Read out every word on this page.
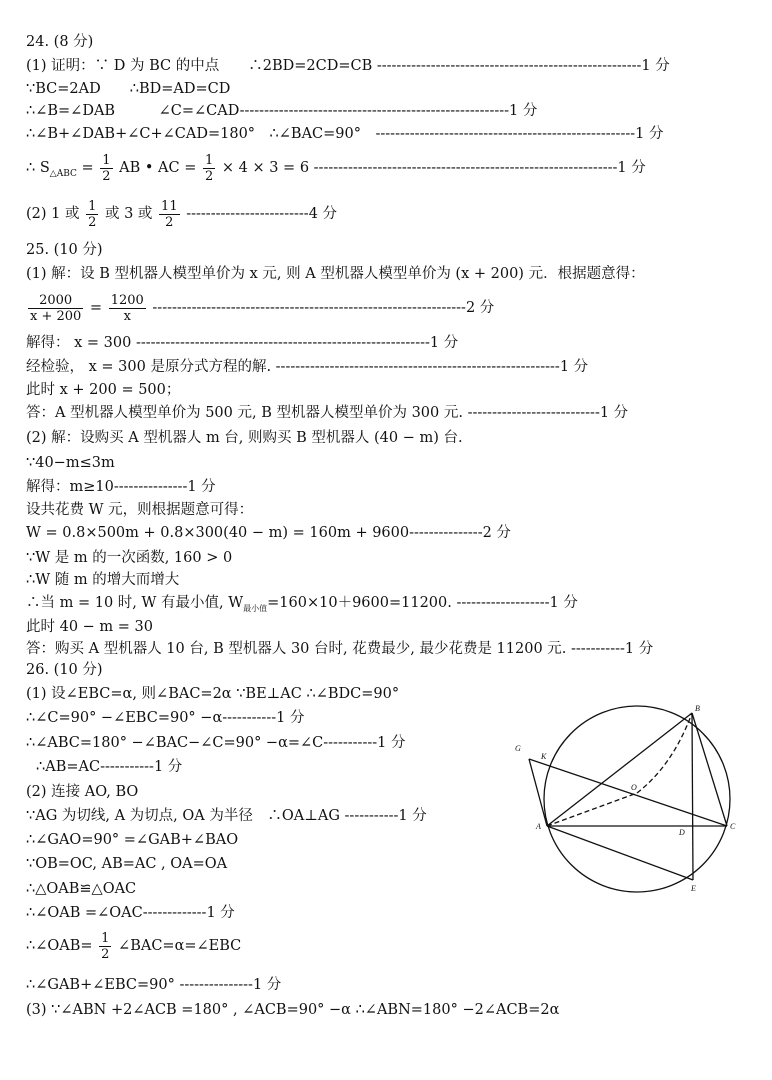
24. (8 分)
(1) 证明：∵ D 为 BC 的中点　　∴2BD=2CD=CB ------------------------------------------------------1 分
∵BC=2AD　　∴BD=AD=CD
∴∠B=∠DAB　　　∠C=∠CAD-------------------------------------------------------1 分
∴∠B+∠DAB+∠C+∠CAD=180°　∴∠BAC=90°　-----------------------------------------------------1 分
∴ $S_{\triangle ABC} = \frac{1}{2}$ AB • AC = $\frac{1}{2} \times 4 \times 3 = 6$ --------------------------------------------------------------1 分
(2) 1 或 $\frac{1}{2}$ 或 3 或 $\frac{11}{2} -------------------------4$ 分
25. (10 分)
(1) 解：设 B 型机器人模型单价为 x 元, 则 A 型机器人模型单价为 (x + 200) 元．根据题意得：
$\frac{2000}{x + 200} = \frac{1200}{x} ----------------------------------------------------------------2$ 分
解得： x = 300 ------------------------------------------------------------1 分
经检验， x = 300 是原分式方程的解. ----------------------------------------------------------1 分
此时 x + 200 = 500；
答：A 型机器人模型单价为 500 元, B 型机器人模型单价为 300 元. ---------------------------1 分
(2) 解：设购买 A 型机器人 m 台, 则购买 B 型机器人 (40 − m) 台.
∵40−m≤3m
解得：m≥10---------------1 分
设共花费 W 元，则根据题意可得：
W = 0.8×500m + 0.8×300(40 − m) = 160m + 9600---------------2 分
∵W 是 m 的一次函数, 160 > 0
∴W 随 m 的增大而增大
∴当 m = 10 时, W 有最小值, $W_{最小值}=160\times 10+9600=11200$. -------------------1 分
此时 40 − m = 30
答：购买 A 型机器人 10 台, B 型机器人 30 台时, 花费最少, 最少花费是 11200 元. -----------1 分
26. (10 分)
(1) 设∠EBC=α, 则∠BAC=2α ∵BE⊥AC ∴∠BDC=90°
∴∠C=90° −∠EBC=90° −α-----------1 分
∴∠ABC=180° −∠BAC−∠C=90° −α=∠C-----------1 分
∴AB=AC-----------1 分
(2) 连接 AO, BO
∵AG 为切线, A 为切点, OA 为半径　∴OA⊥AG -----------1 分
∴∠GAO=90° =∠GAB+∠BAO
∵OB=OC, AB=AC , OA=OA
∴△OAB≌△OAC
∴∠OAB =∠OAC-------------1 分
∴∠OAB= $\frac{1}{2}$ ∠BAC=α=∠EBC
∴∠GAB+∠EBC=90° ---------------1 分
(3) ∵∠ABN +2∠ACB =180° , ∠ACB=90° −α ∴∠ABN=180° −2∠ACB=2α
B
C
A
D
E
G
K
O
